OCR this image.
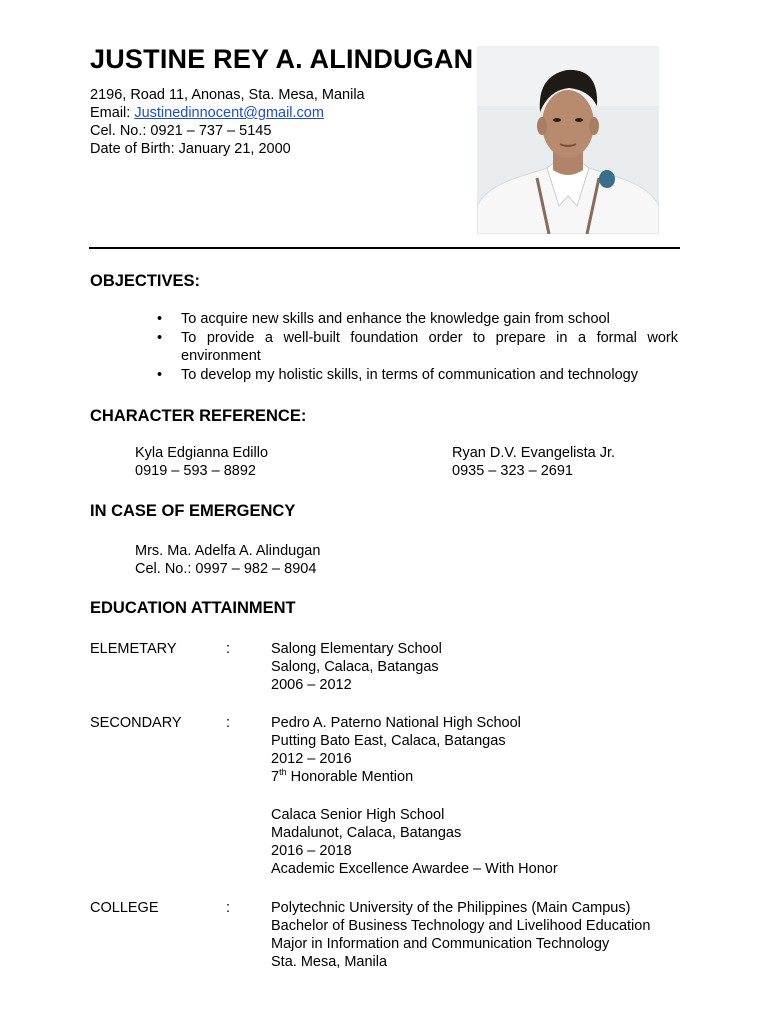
JUSTINE REY A. ALINDUGAN
2196, Road 11, Anonas, Sta. Mesa, Manila
Email: Justinedinnocent@gmail.com
Cel. No.: 0921 – 737 – 5145
Date of Birth: January 21, 2000
OBJECTIVES:
• To acquire new skills and enhance the knowledge gain from school
• To provide a well-built foundation order to prepare in a formal work
environment
• To develop my holistic skills, in terms of communication and technology
CHARACTER REFERENCE:
Kyla Edgianna Edillo
0919 – 593 – 8892
Ryan D.V. Evangelista Jr.
0935 – 323 – 2691
IN CASE OF EMERGENCY
Mrs. Ma. Adelfa A. Alindugan
Cel. No.: 0997 – 982 – 8904
EDUCATION ATTAINMENT
ELEMETARY	:	Salong Elementary School
Salong, Calaca, Batangas
2006 – 2012
SECONDARY	:	Pedro A. Paterno National High School
Putting Bato East, Calaca, Batangas
2012 – 2016
7th Honorable Mention
Calaca Senior High School
Madalunot, Calaca, Batangas
2016 – 2018
Academic Excellence Awardee – With Honor
COLLEGE	:	Polytechnic University of the Philippines (Main Campus)
Bachelor of Business Technology and Livelihood Education
Major in Information and Communication Technology
Sta. Mesa, Manila
